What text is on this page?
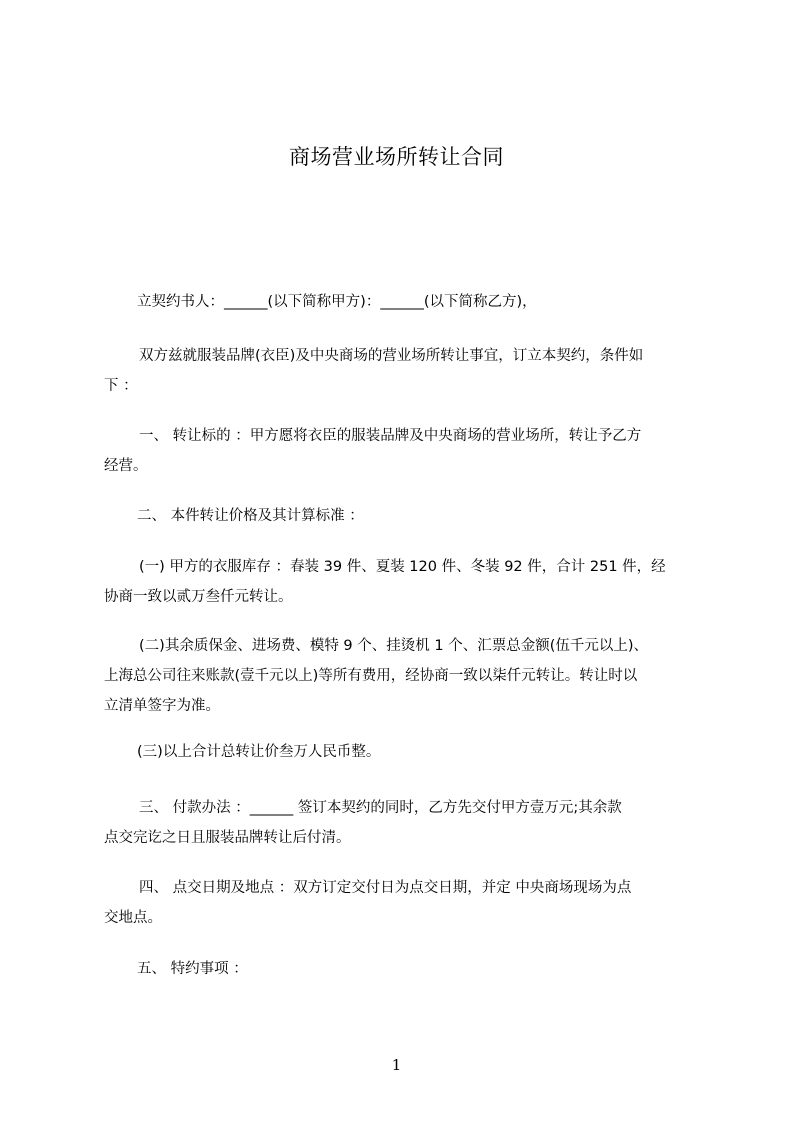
商场营业场所转让合同
立契约书人：______(以下简称甲方)：______(以下简称乙方)，
双方兹就服装品牌(衣臣)及中央商场的营业场所转让事宜，订立本契约，条件如
下 ：
一、 转让标的 ：甲方愿将衣臣的服装品牌及中央商场的营业场所，转让予乙方
经营。
二、 本件转让价格及其计算标准 ：
(一) 甲方的衣服库存 ：春装 39 件、夏装 120 件、冬装 92 件，合计 251 件，经
协商一致以贰万叁仟元转让。
(二)其余质保金、进场费、模特 9 个、挂烫机 1 个、汇票总金额(伍千元以上)、
上海总公司往来账款(壹千元以上)等所有费用，经协商一致以柒仟元转让。转让时以
立清单签字为准。
(三)以上合计总转让价叁万人民币整。
三、 付款办法 ：______ 签订本契约的同时，乙方先交付甲方壹万元;其余款
点交完讫之日且服装品牌转让后付清。
四、 点交日期及地点 ：双方订定交付日为点交日期，并定 中央商场现场为点
交地点。
五、 特约事项 ：
1
